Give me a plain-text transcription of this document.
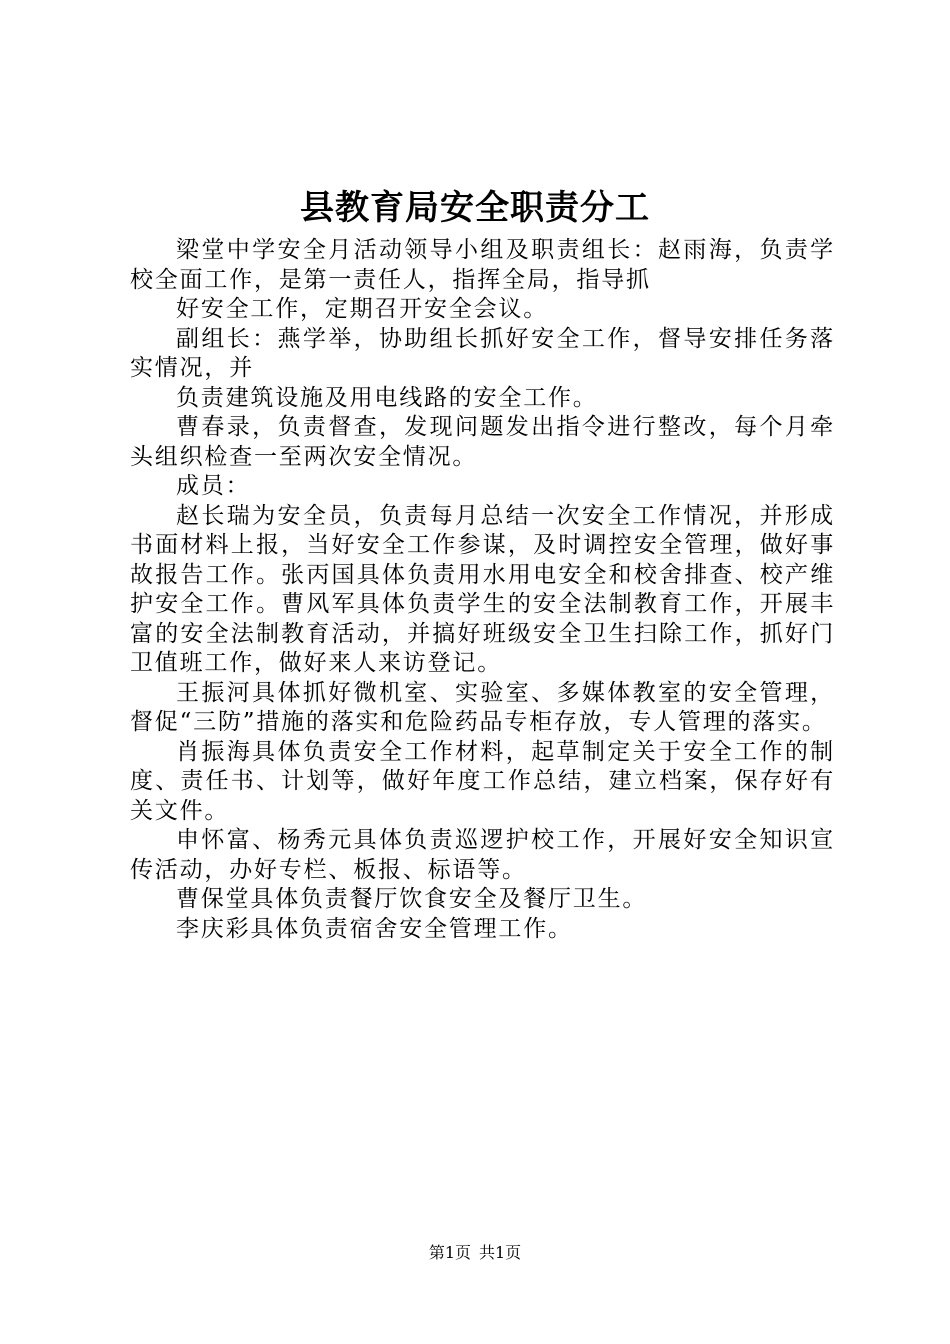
县教育局安全职责分工

梁堂中学安全月活动领导小组及职责组长：赵雨海，负责学校全面工作，是第一责任人，指挥全局，指导抓

好安全工作，定期召开安全会议。

副组长：燕学举，协助组长抓好安全工作，督导安排任务落实情况，并

负责建筑设施及用电线路的安全工作。

曹春录，负责督查，发现问题发出指令进行整改，每个月牵头组织检查一至两次安全情况。

成员：

赵长瑞为安全员，负责每月总结一次安全工作情况，并形成书面材料上报，当好安全工作参谋，及时调控安全管理，做好事故报告工作。张丙国具体负责用水用电安全和校舍排查、校产维护安全工作。曹风军具体负责学生的安全法制教育工作，开展丰富的安全法制教育活动，并搞好班级安全卫生扫除工作，抓好门卫值班工作，做好来人来访登记。

王振河具体抓好微机室、实验室、多媒体教室的安全管理，督促“三防”措施的落实和危险药品专柜存放，专人管理的落实。

肖振海具体负责安全工作材料，起草制定关于安全工作的制度、责任书、计划等，做好年度工作总结，建立档案，保存好有关文件。

申怀富、杨秀元具体负责巡逻护校工作，开展好安全知识宣传活动，办好专栏、板报、标语等。

曹保堂具体负责餐厅饮食安全及餐厅卫生。

李庆彩具体负责宿舍安全管理工作。

第1页 共1页
